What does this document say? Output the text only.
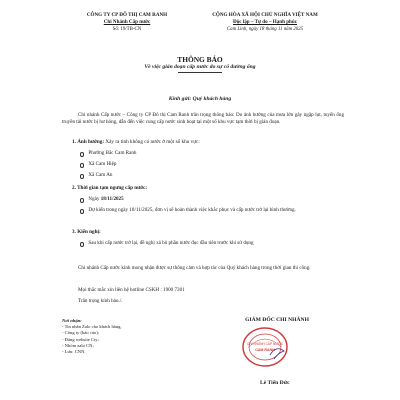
CÔNG TY CP ĐÔ THỊ CAM RANH
Chi Nhánh Cấp nước
Số: 19/TB-CN
CỘNG HÒA XÃ HỘI CHỦ NGHĨA VIỆT NAM
Độc lập – Tự do – Hạnh phúc
Cam Linh, ngày 18 tháng 11 năm 2025
THÔNG BÁO
Về việc gián đoạn cấp nước do sự cố đường ống
Kính gửi: Quý khách hàng
Chi nhánh Cấp nước – Công ty CP Đô thị Cam Ranh trân trọng thông báo: Do ảnh hưởng của mưa lớn gây ngập lụt, tuyến ống truyền tải nước bị hư hỏng, dẫn đến việc cung cấp nước sinh hoạt tại một số khu vực tạm thời bị gián đoạn.
1. Ảnh hưởng: Xảy ra tình không có nước ở một số khu vực:
Phường Bắc Cam Ranh
Xã Cam Hiệp
Xã Cam An
2. Thời gian tạm ngưng cấp nước:
Ngày 18/11/2025
Dự kiến trong ngày 18/11/2025, đơn vị sẽ hoàn thành việc khắc phục và cấp nước trở lại bình thường.
3. Kiến nghị:
Sau khi cấp nước trở lại, đề nghị xả bỏ phần nước đục đầu tiên trước khi sử dụng
Chi nhánh Cấp nước kính mong nhận được sự thông cảm và hợp tác của Quý khách hàng trong thời gian thi công.
Mọi thắc mắc xin liên hệ hotline CSKH : 1900 7301
Trân trọng kính báo./.
Nơi nhận:
- Tin nhắn Zalo cho khách hàng,
- Công ty (báo cáo);
- Đăng website Cty;
- Nhóm zalo CN;
- Lưu: CNN.
GIÁM ĐỐC CHI NHÁNH
CHI NHÁNH CẤP NƯỚC
CAM RANH
Lê Tiến Đức
